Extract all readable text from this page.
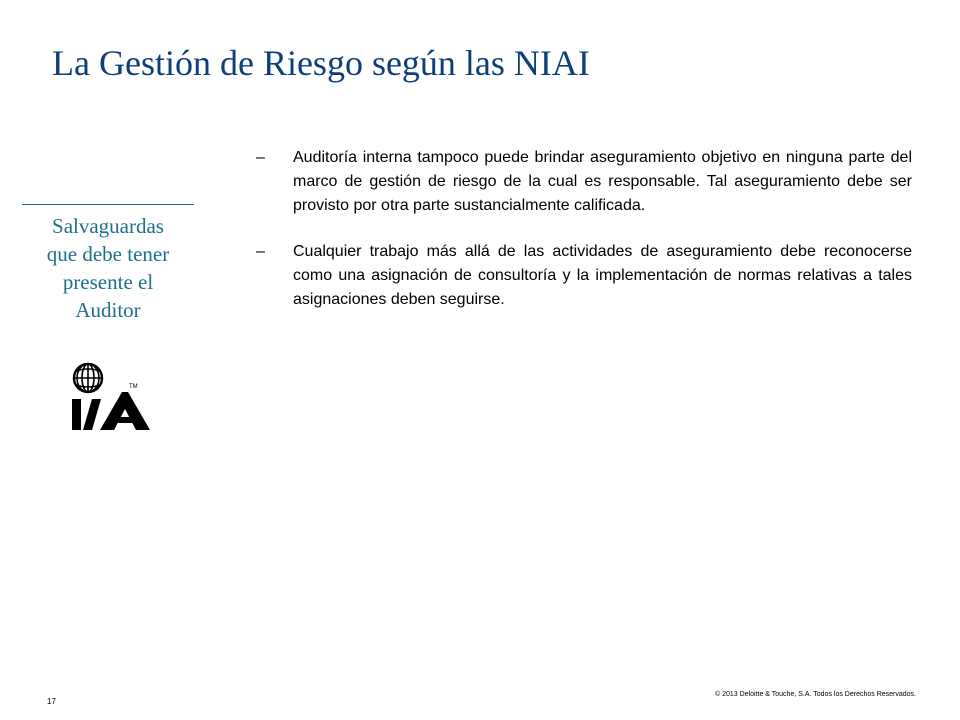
La Gestión de Riesgo según las NIAI
Salvaguardas
que debe tener
presente el
Auditor
TM
– Auditoría interna tampoco puede brindar aseguramiento objetivo en ninguna parte del marco de gestión de riesgo de la cual es responsable. Tal aseguramiento debe ser provisto por otra parte sustancialmente calificada.
– Cualquier trabajo más allá de las actividades de aseguramiento debe reconocerse como una asignación de consultoría y la implementación de normas relativas a tales asignaciones deben seguirse.
17
© 2013 Deloitte & Touche, S.A. Todos los Derechos Reservados.
